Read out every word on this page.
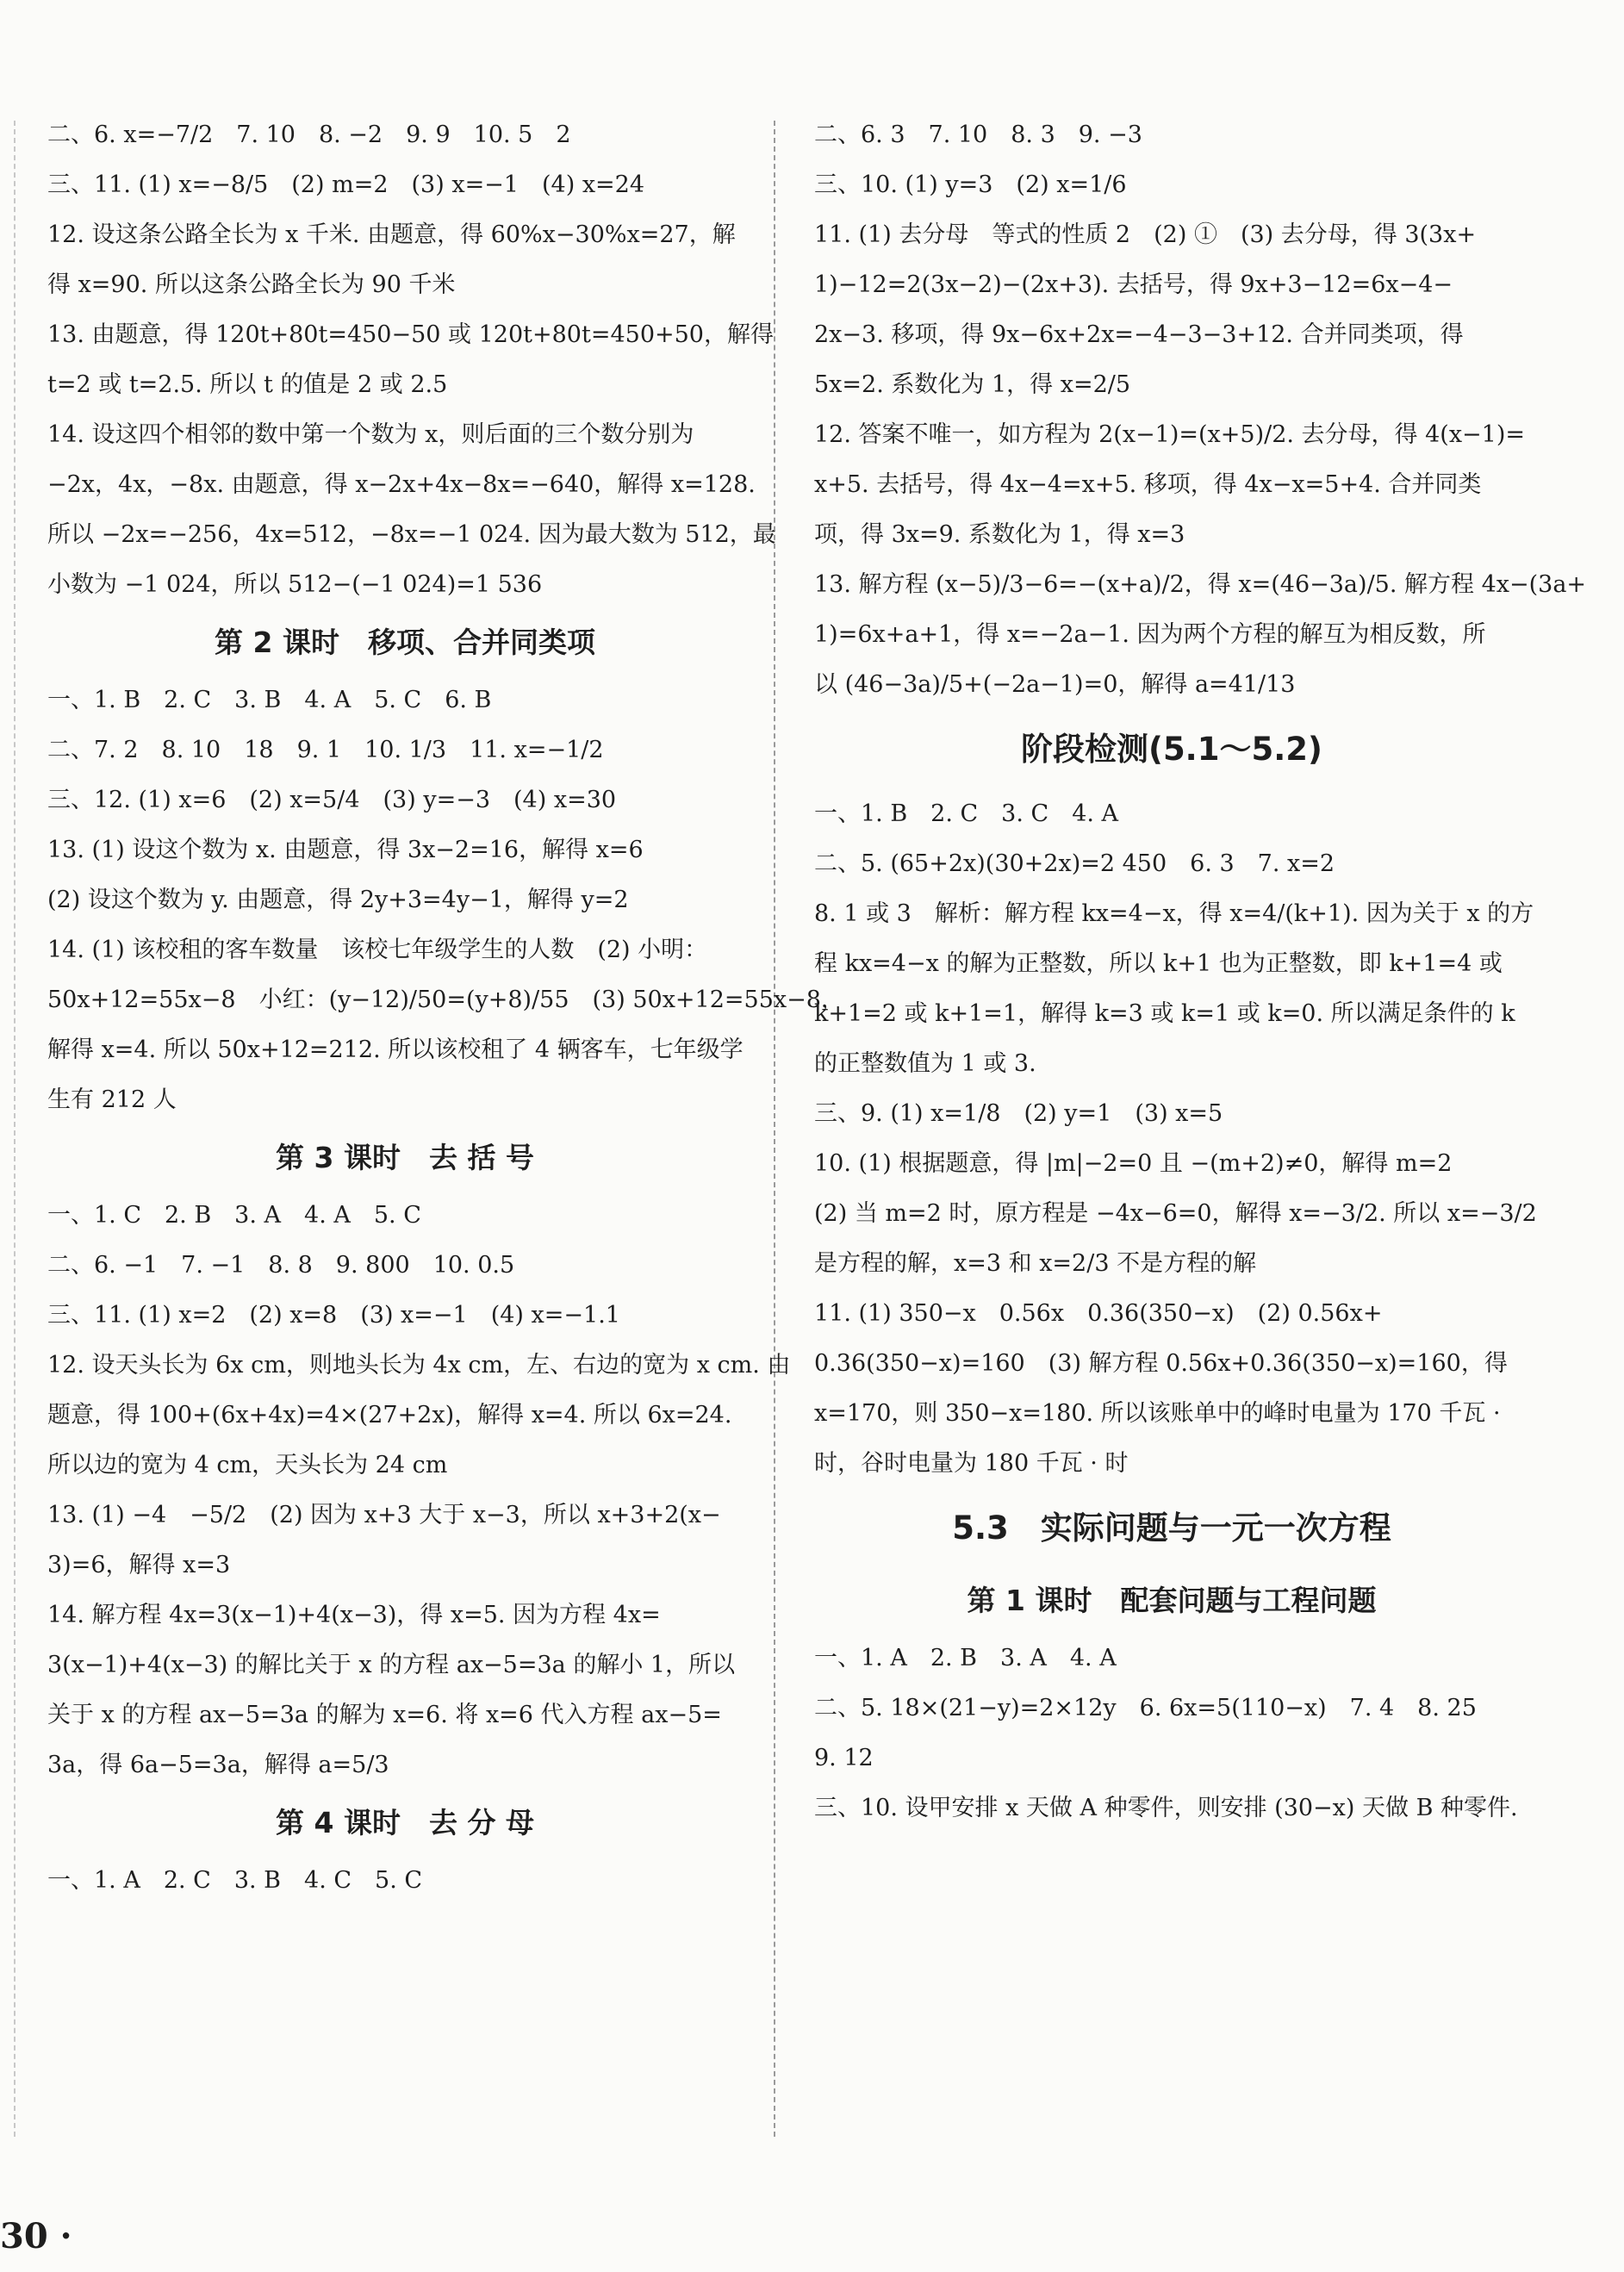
二、6. x=−7/2　7. 10　8. −2　9. 9　10. 5　2
三、11. (1) x=−8/5　(2) m=2　(3) x=−1　(4) x=24
12. 设这条公路全长为 x 千米. 由题意，得 60%x−30%x=27，解
得 x=90. 所以这条公路全长为 90 千米
13. 由题意，得 120t+80t=450−50 或 120t+80t=450+50，解得
t=2 或 t=2.5. 所以 t 的值是 2 或 2.5
14. 设这四个相邻的数中第一个数为 x，则后面的三个数分别为
−2x，4x，−8x. 由题意，得 x−2x+4x−8x=−640，解得 x=128.
所以 −2x=−256，4x=512，−8x=−1 024. 因为最大数为 512，最
小数为 −1 024，所以 512−(−1 024)=1 536
第 2 课时　移项、合并同类项
一、1. B　2. C　3. B　4. A　5. C　6. B
二、7. 2　8. 10　18　9. 1　10. 1/3　11. x=−1/2
三、12. (1) x=6　(2) x=5/4　(3) y=−3　(4) x=30
13. (1) 设这个数为 x. 由题意，得 3x−2=16，解得 x=6
(2) 设这个数为 y. 由题意，得 2y+3=4y−1，解得 y=2
14. (1) 该校租的客车数量　该校七年级学生的人数　(2) 小明：
50x+12=55x−8　小红：(y−12)/50=(y+8)/55　(3) 50x+12=55x−8，
解得 x=4. 所以 50x+12=212. 所以该校租了 4 辆客车，七年级学
生有 212 人
第 3 课时　去 括 号
一、1. C　2. B　3. A　4. A　5. C
二、6. −1　7. −1　8. 8　9. 800　10. 0.5
三、11. (1) x=2　(2) x=8　(3) x=−1　(4) x=−1.1
12. 设天头长为 6x cm，则地头长为 4x cm，左、右边的宽为 x cm. 由
题意，得 100+(6x+4x)=4×(27+2x)，解得 x=4. 所以 6x=24.
所以边的宽为 4 cm，天头长为 24 cm
13. (1) −4　−5/2　(2) 因为 x+3 大于 x−3，所以 x+3+2(x−
3)=6，解得 x=3
14. 解方程 4x=3(x−1)+4(x−3)，得 x=5. 因为方程 4x=
3(x−1)+4(x−3) 的解比关于 x 的方程 ax−5=3a 的解小 1，所以
关于 x 的方程 ax−5=3a 的解为 x=6. 将 x=6 代入方程 ax−5=
3a，得 6a−5=3a，解得 a=5/3
第 4 课时　去 分 母
一、1. A　2. C　3. B　4. C　5. C
二、6. 3　7. 10　8. 3　9. −3
三、10. (1) y=3　(2) x=1/6
11. (1) 去分母　等式的性质 2　(2) ①　(3) 去分母，得 3(3x+
1)−12=2(3x−2)−(2x+3). 去括号，得 9x+3−12=6x−4−
2x−3. 移项，得 9x−6x+2x=−4−3−3+12. 合并同类项，得
5x=2. 系数化为 1，得 x=2/5
12. 答案不唯一，如方程为 2(x−1)=(x+5)/2. 去分母，得 4(x−1)=
x+5. 去括号，得 4x−4=x+5. 移项，得 4x−x=5+4. 合并同类
项，得 3x=9. 系数化为 1，得 x=3
13. 解方程 (x−5)/3−6=−(x+a)/2，得 x=(46−3a)/5. 解方程 4x−(3a+
1)=6x+a+1，得 x=−2a−1. 因为两个方程的解互为相反数，所
以 (46−3a)/5+(−2a−1)=0，解得 a=41/13
阶段检测(5.1～5.2)
一、1. B　2. C　3. C　4. A
二、5. (65+2x)(30+2x)=2 450　6. 3　7. x=2
8. 1 或 3　解析：解方程 kx=4−x，得 x=4/(k+1). 因为关于 x 的方
程 kx=4−x 的解为正整数，所以 k+1 也为正整数，即 k+1=4 或
k+1=2 或 k+1=1，解得 k=3 或 k=1 或 k=0. 所以满足条件的 k
的正整数值为 1 或 3.
三、9. (1) x=1/8　(2) y=1　(3) x=5
10. (1) 根据题意，得 |m|−2=0 且 −(m+2)≠0，解得 m=2
(2) 当 m=2 时，原方程是 −4x−6=0，解得 x=−3/2. 所以 x=−3/2
是方程的解，x=3 和 x=2/3 不是方程的解
11. (1) 350−x　0.56x　0.36(350−x)　(2) 0.56x+
0.36(350−x)=160　(3) 解方程 0.56x+0.36(350−x)=160，得
x=170，则 350−x=180. 所以该账单中的峰时电量为 170 千瓦 ·
时，谷时电量为 180 千瓦 · 时
5.3　实际问题与一元一次方程
第 1 课时　配套问题与工程问题
一、1. A　2. B　3. A　4. A
二、5. 18×(21−y)=2×12y　6. 6x=5(110−x)　7. 4　8. 25
9. 12
三、10. 设甲安排 x 天做 A 种零件，则安排 (30−x) 天做 B 种零件.
30 ·
